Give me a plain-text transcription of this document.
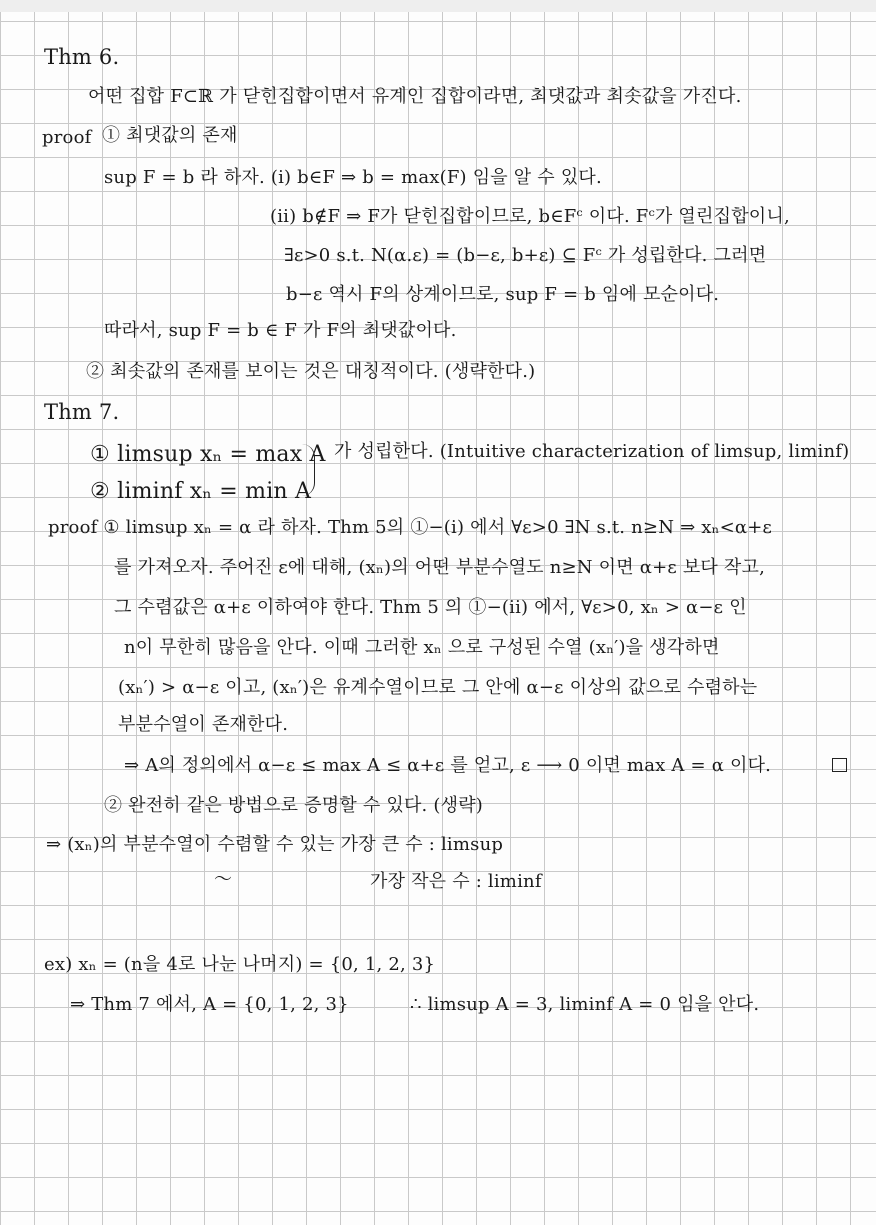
Thm 6.
어떤 집합 F⊂ℝ 가 닫힌집합이면서 유계인 집합이라면, 최댓값과 최솟값을 가진다.
proof ① 최댓값의 존재
sup F = b 라 하자. (i) b∈F ⇒ b = max(F) 임을 알 수 있다.
(ii) b∉F ⇒ F가 닫힌집합이므로, b∈Fᶜ 이다. Fᶜ가 열린집합이니,
∃ε>0 s.t. N(α.ε) = (b−ε, b+ε) ⊆ Fᶜ 가 성립한다. 그러면
b−ε 역시 F의 상계이므로, sup F = b 임에 모순이다.
따라서, sup F = b ∈ F 가 F의 최댓값이다.
② 최솟값의 존재를 보이는 것은 대칭적이다. (생략한다.)
Thm 7.
① limsup xₙ = max A
② liminf xₙ = min A
가 성립한다. (Intuitive characterization of limsup, liminf)
proof ① limsup xₙ = α 라 하자. Thm 5의 ①−(i) 에서 ∀ε>0 ∃N s.t. n≥N ⇒ xₙ<α+ε
를 가져오자. 주어진 ε에 대해, (xₙ)의 어떤 부분수열도 n≥N 이면 α+ε 보다 작고,
그 수렴값은 α+ε 이하여야 한다. Thm 5 의 ①−(ii) 에서, ∀ε>0, xₙ > α−ε 인
n이 무한히 많음을 안다. 이때 그러한 xₙ 으로 구성된 수열 (xₙ′)을 생각하면
(xₙ′) > α−ε 이고, (xₙ′)은 유계수열이므로 그 안에 α−ε 이상의 값으로 수렴하는
부분수열이 존재한다.
⇒ A의 정의에서 α−ε ≤ max A ≤ α+ε 를 얻고, ε ⟶ 0 이면 max A = α 이다.
② 완전히 같은 방법으로 증명할 수 있다. (생략)
⇒ (xₙ)의 부분수열이 수렴할 수 있는 가장 큰 수 : limsup
〜	가장 작은 수 : liminf
ex) xₙ = (n을 4로 나눈 나머지) = {0, 1, 2, 3}
⇒ Thm 7 에서, A = {0, 1, 2, 3}	∴ limsup A = 3, liminf A = 0 임을 안다.
